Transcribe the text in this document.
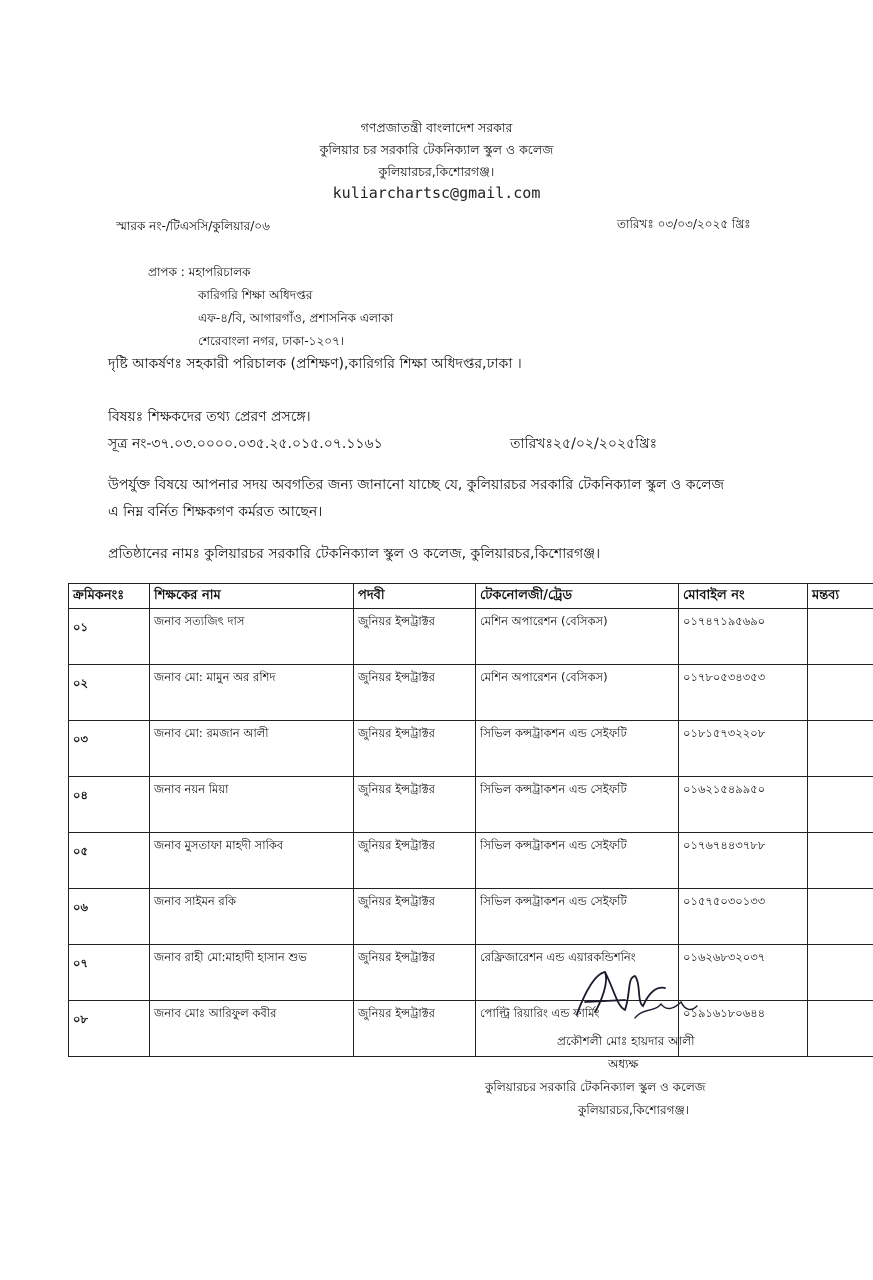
গণপ্রজাতন্ত্রী বাংলাদেশ সরকার
কুলিয়ার চর সরকারি টেকনিক্যাল স্কুল ও কলেজ
কুলিয়ারচর,কিশোরগঞ্জ।
kuliarchartsc@gmail.com
স্মারক নং-/টিএসসি/কুলিয়ার/০৬	তারিখঃ ০৩/০৩/২০২৫ খ্রিঃ
প্রাপক : মহাপরিচালক
কারিগরি শিক্ষা অধিদপ্তর
এফ-৪/বি, আগারগাঁও, প্রশাসনিক এলাকা
শেরেবাংলা নগর, ঢাকা-১২০৭।
দৃষ্টি আকর্ষণঃ সহকারী পরিচালক (প্রশিক্ষণ),কারিগরি শিক্ষা অধিদপ্তর,ঢাকা ।
বিষয়ঃ শিক্ষকদের তথ্য প্রেরণ প্রসঙ্গে।
সূত্র নং-৩৭.০৩.০০০০.০৩৫.২৫.০১৫.০৭.১১৬১	তারিখঃ২৫/০২/২০২৫খ্রিঃ
উপর্যুক্ত বিষয়ে আপনার সদয় অবগতির জন্য জানানো যাচ্ছে যে, কুলিয়ারচর সরকারি টেকনিক্যাল স্কুল ও কলেজ
এ নিম্ন বর্নিত শিক্ষকগণ কর্মরত আছেন।
প্রতিষ্ঠানের নামঃ কুলিয়ারচর সরকারি টেকনিক্যাল স্কুল ও কলেজ, কুলিয়ারচর,কিশোরগঞ্জ।
ক্রমিকনংঃ	শিক্ষকের নাম	পদবী	টেকনোলজী/ট্রেড	মোবাইল নং	মন্তব্য
০১	জনাব সত্যজিৎ দাস	জুনিয়র ইন্সট্রাক্টর	মেশিন অপারেশন (বেসিকস)	০১৭৪৭১৯৫৬৯০	
০২	জনাব মো: মামুন অর রশিদ	জুনিয়র ইন্সট্রাক্টর	মেশিন অপারেশন (বেসিকস)	০১৭৮০৫৩৪৩৫৩	
০৩	জনাব মো: রমজান আলী	জুনিয়র ইন্সট্রাক্টর	সিভিল কন্সট্রাকশন এন্ড সেইফটি	০১৮১৫৭৩২২০৮	
০৪	জনাব নয়ন মিয়া	জুনিয়র ইন্সট্রাক্টর	সিভিল কন্সট্রাকশন এন্ড সেইফটি	০১৬২১৫৪৯৯৫০	
০৫	জনাব মুসতাফা মাহদী সাকিব	জুনিয়র ইন্সট্রাক্টর	সিভিল কন্সট্রাকশন এন্ড সেইফটি	০১৭৬৭৪৪৩৭৮৮	
০৬	জনাব সাইমন রকি	জুনিয়র ইন্সট্রাক্টর	সিভিল কন্সট্রাকশন এন্ড সেইফটি	০১৫৭৫০৩০১৩৩	
০৭	জনাব রাহী মো:মাহাদী হাসান শুভ	জুনিয়র ইন্সট্রাক্টর	রেফ্রিজারেশন এন্ড এয়ারকন্ডিশনিং	০১৬২৬৮৩২০৩৭	
০৮	জনাব মোঃ আরিফুল কবীর	জুনিয়র ইন্সট্রাক্টর	পোল্ট্রি রিয়ারিং এন্ড ফার্মিং	০১৯১৬১৮০৬৪৪	
প্রকৌশলী মোঃ হায়দার আলী
অধ্যক্ষ
কুলিয়ারচর সরকারি টেকনিক্যাল স্কুল ও কলেজ
কুলিয়ারচর,কিশোরগঞ্জ।
